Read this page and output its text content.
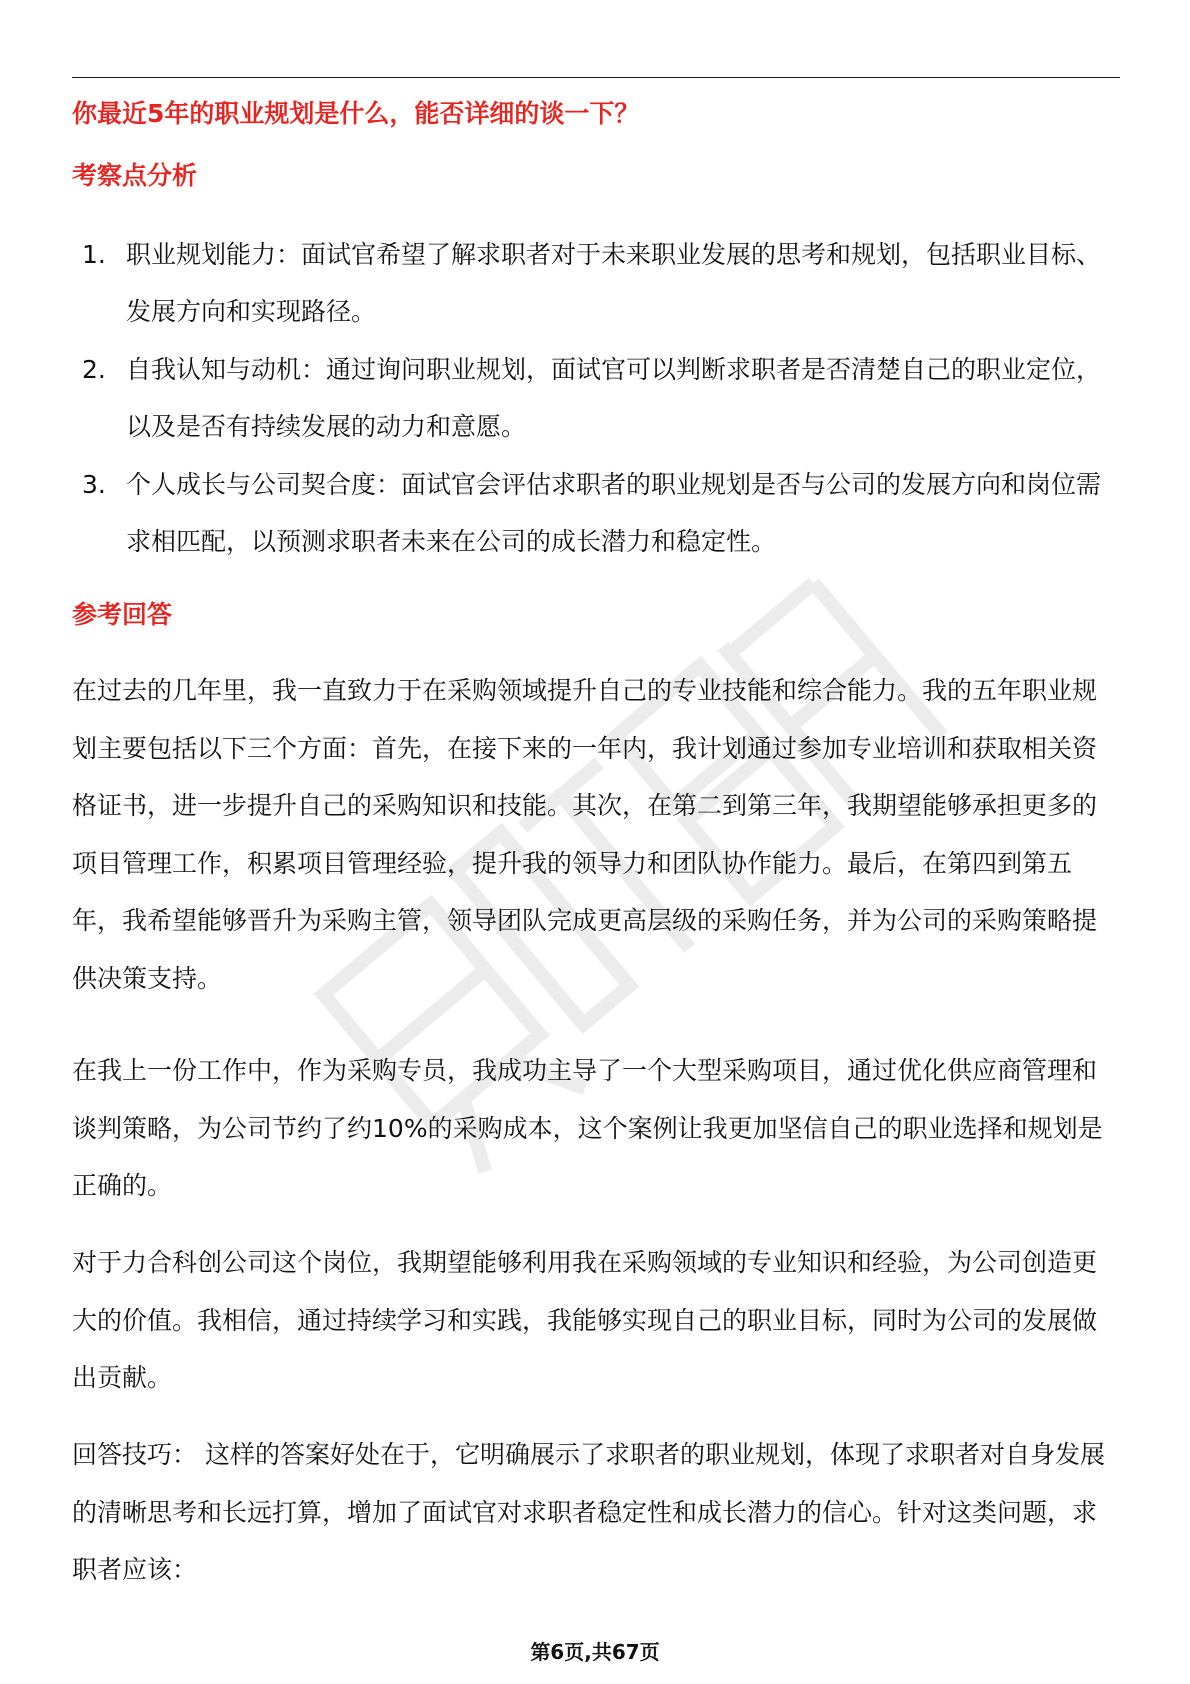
你最近5年的职业规划是什么，能否详细的谈一下？
考察点分析
1. 职业规划能力：面试官希望了解求职者对于未来职业发展的思考和规划，包括职业目标、发展方向和实现路径。
2. 自我认知与动机：通过询问职业规划，面试官可以判断求职者是否清楚自己的职业定位，以及是否有持续发展的动力和意愿。
3. 个人成长与公司契合度：面试官会评估求职者的职业规划是否与公司的发展方向和岗位需求相匹配，以预测求职者未来在公司的成长潜力和稳定性。
参考回答

在过去的几年里，我一直致力于在采购领域提升自己的专业技能和综合能力。我的五年职业规划主要包括以下三个方面：首先，在接下来的一年内，我计划通过参加专业培训和获取相关资格证书，进一步提升自己的采购知识和技能。其次，在第二到第三年，我期望能够承担更多的项目管理工作，积累项目管理经验，提升我的领导力和团队协作能力。最后，在第四到第五年，我希望能够晋升为采购主管，领导团队完成更高层级的采购任务，并为公司的采购策略提供决策支持。

在我上一份工作中，作为采购专员，我成功主导了一个大型采购项目，通过优化供应商管理和谈判策略，为公司节约了约10%的采购成本，这个案例让我更加坚信自己的职业选择和规划是正确的。

对于力合科创公司这个岗位，我期望能够利用我在采购领域的专业知识和经验，为公司创造更大的价值。我相信，通过持续学习和实践，我能够实现自己的职业目标，同时为公司的发展做出贡献。

回答技巧： 这样的答案好处在于，它明确展示了求职者的职业规划，体现了求职者对自身发展的清晰思考和长远打算，增加了面试官对求职者稳定性和成长潜力的信心。针对这类问题，求职者应该：

第6页,共67页
